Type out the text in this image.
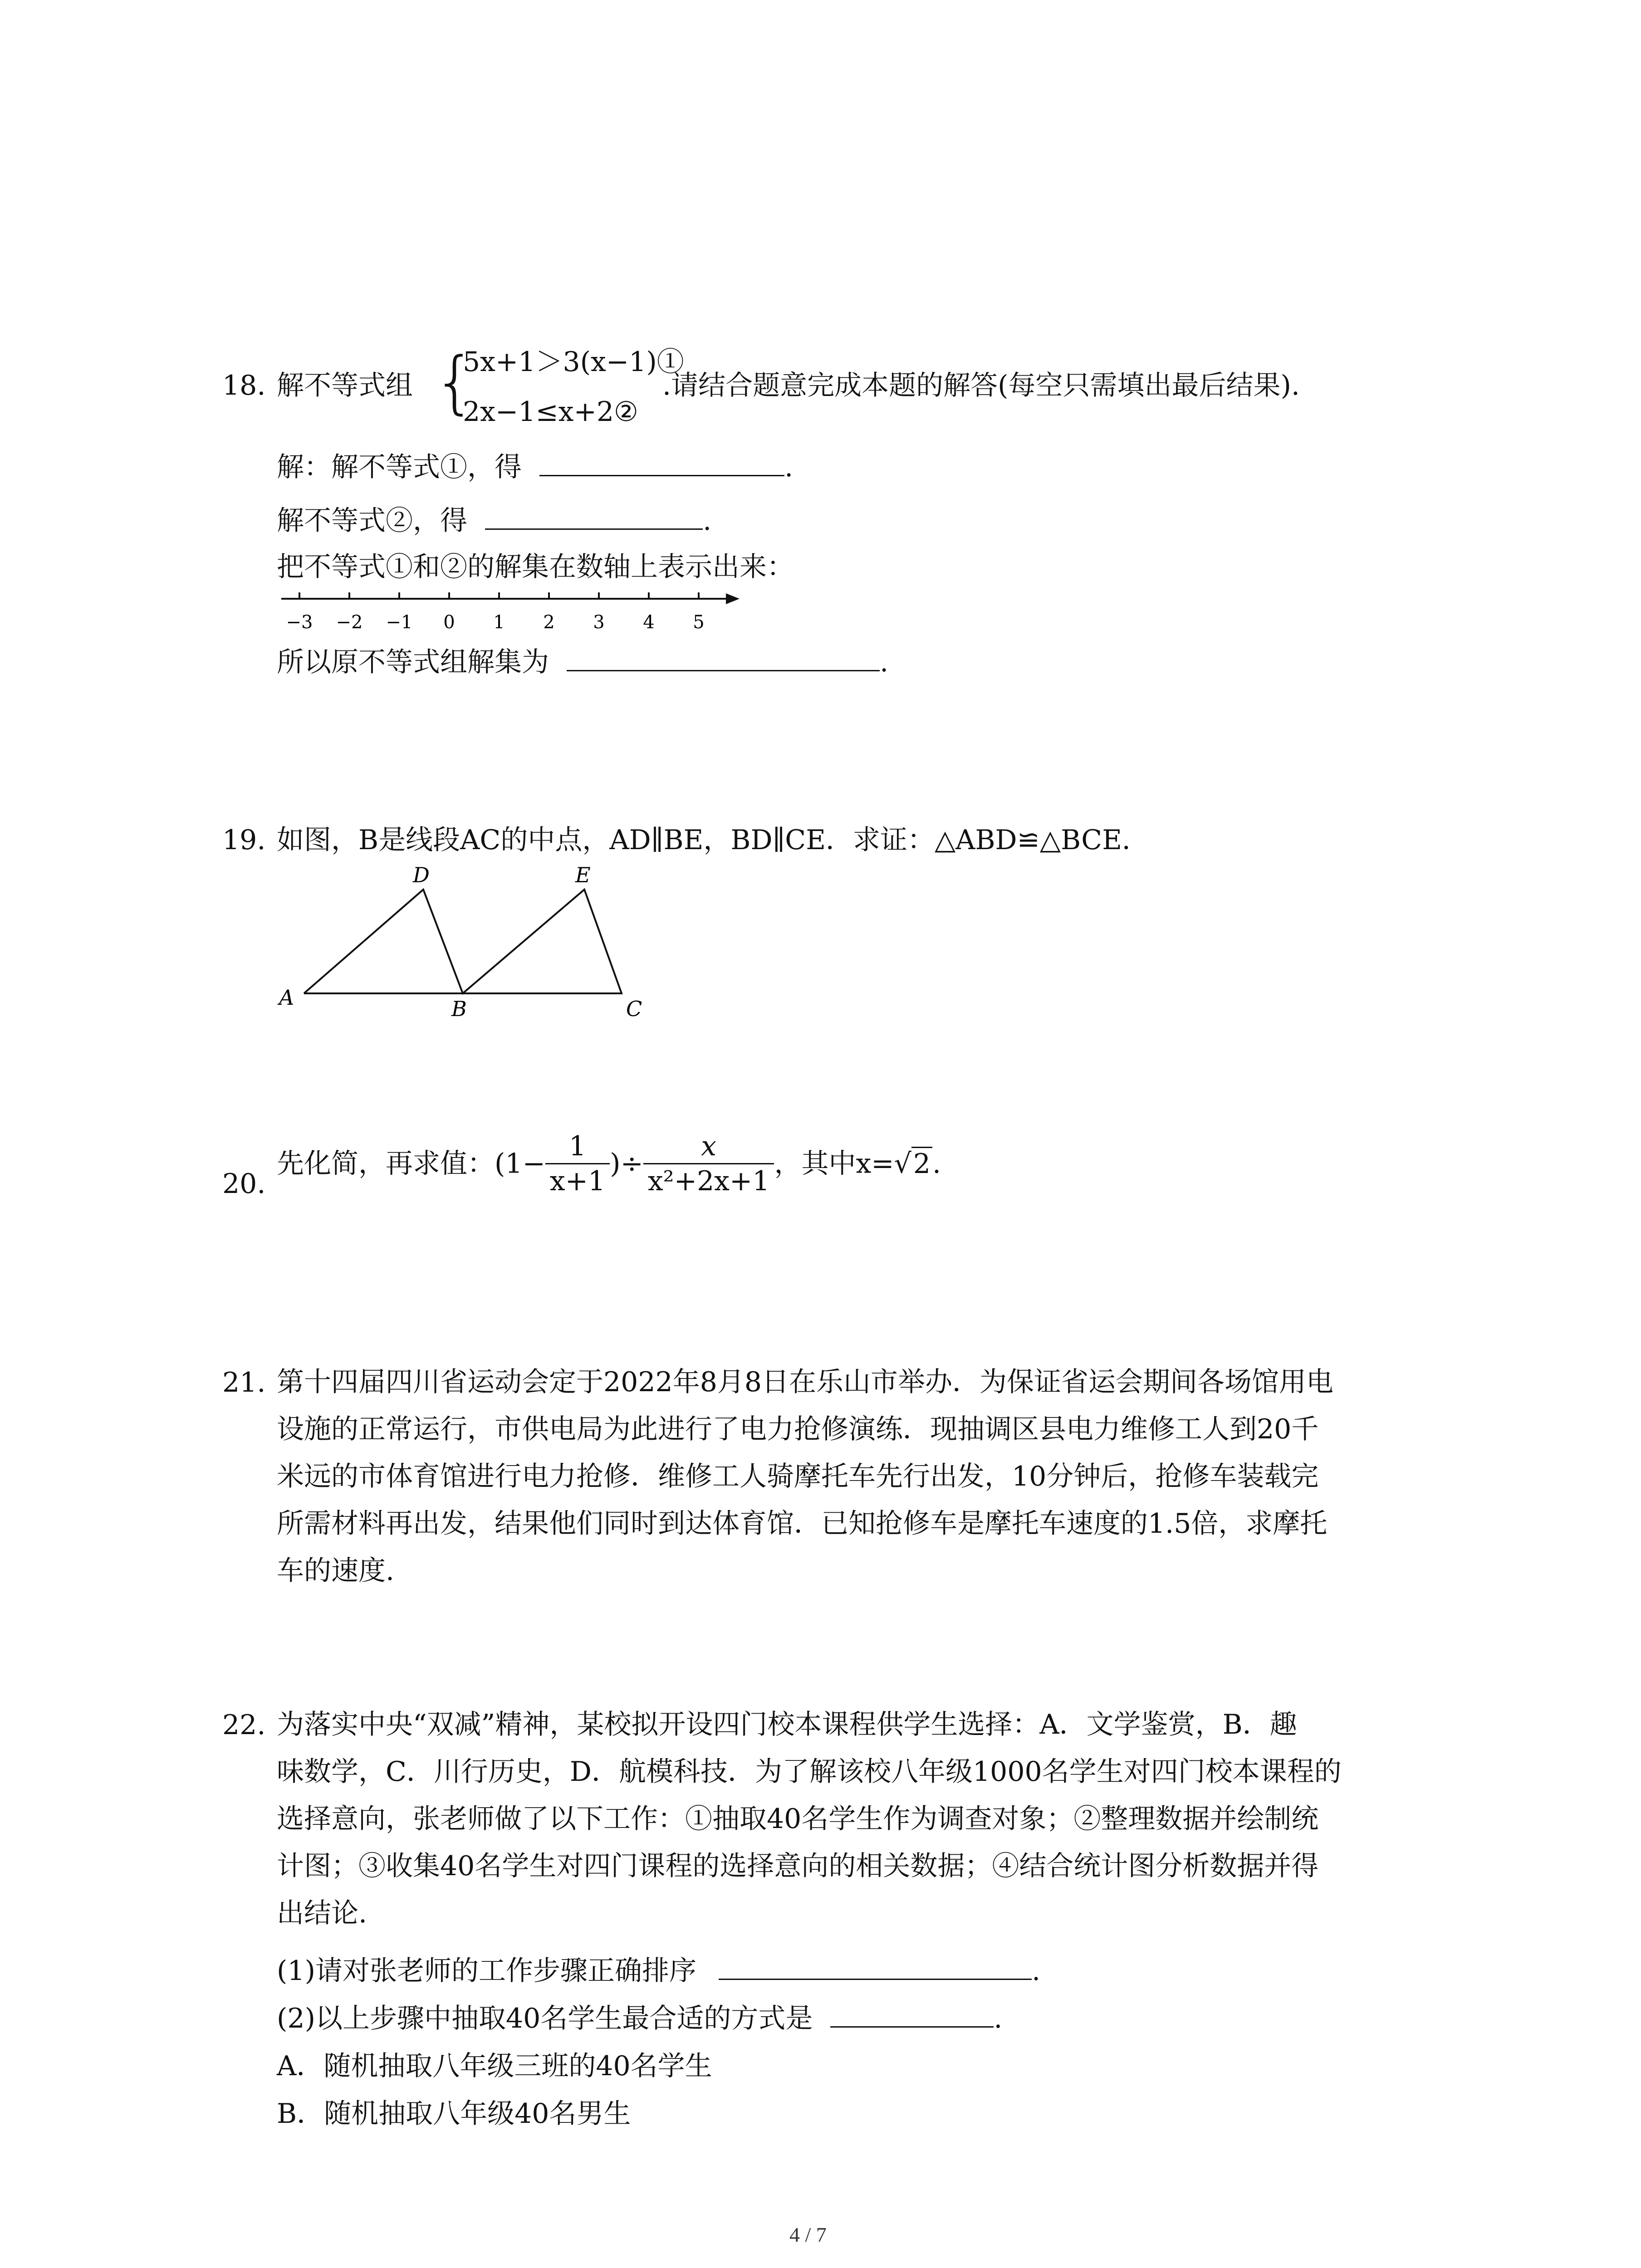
18. 解不等式组 {
5x+1＞3(x−1)①
2x−1≤x+2②
.请结合题意完成本题的解答(每空只需填出最后结果).
解：解不等式①，得	.
解不等式②，得	.
把不等式①和②的解集在数轴上表示出来：
−3 −2 −1 0 1 2 3 4 5
所以原不等式组解集为	.
19. 如图，B是线段AC的中点，AD∥BE，BD∥CE．求证：△ABD≌△BCE．
D	E
A	B	C
20.
先化简，再求值：($1- \frac{1}{x+1}$ )÷ $\frac{x}{\text{x²+2x+1}}$ ，其中x=√2.
21. 第十四届四川省运动会定于2022年8月8日在乐山市举办．为保证省运会期间各场馆用电
设施的正常运行，市供电局为此进行了电力抢修演练．现抽调区县电力维修工人到20千
米远的市体育馆进行电力抢修．维修工人骑摩托车先行出发，10分钟后，抢修车装载完
所需材料再出发，结果他们同时到达体育馆．已知抢修车是摩托车速度的1.5倍，求摩托
车的速度.
22. 为落实中央“双减”精神，某校拟开设四门校本课程供学生选择：A．文学鉴赏，B．趣
味数学，C．川行历史，D．航模科技．为了解该校八年级1000名学生对四门校本课程的
选择意向，张老师做了以下工作：①抽取40名学生作为调查对象；②整理数据并绘制统
计图；③收集40名学生对四门课程的选择意向的相关数据；④结合统计图分析数据并得
出结论.
(1)请对张老师的工作步骤正确排序	.
(2)以上步骤中抽取40名学生最合适的方式是	.
A．随机抽取八年级三班的40名学生
B．随机抽取八年级40名男生
4 / 7
